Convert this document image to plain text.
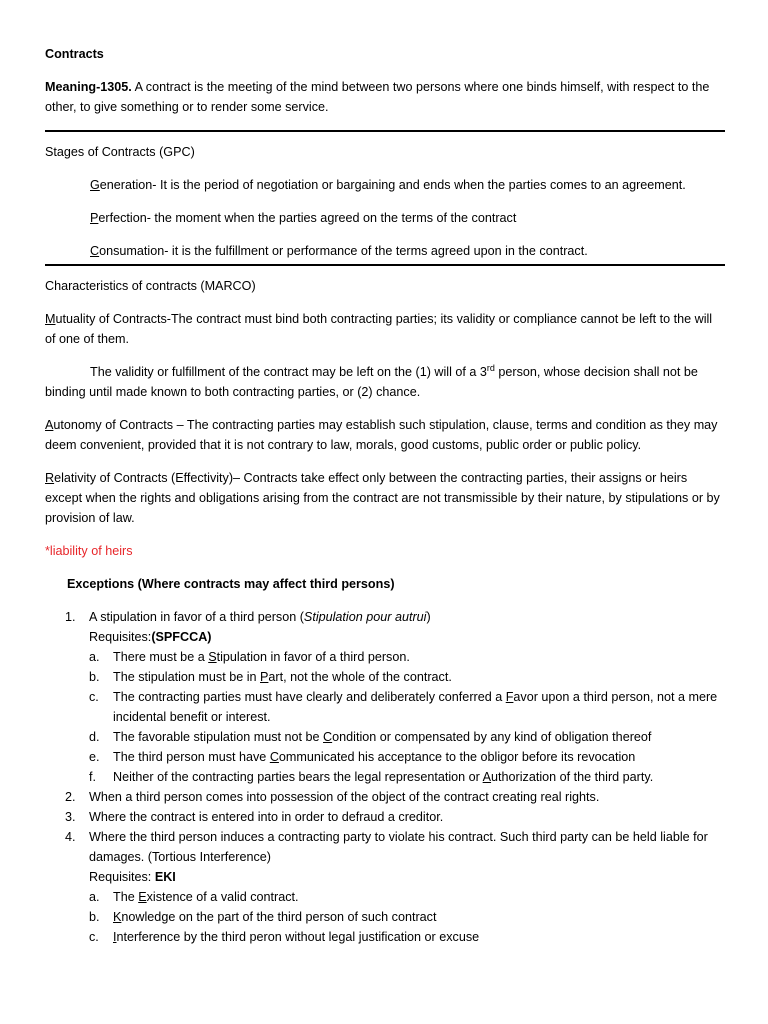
Contracts

Meaning-1305. A contract is the meeting of the mind between two persons where one binds himself, with respect to the other, to give something or to render some service.

Stages of Contracts (GPC)

Generation- It is the period of negotiation or bargaining and ends when the parties comes to an agreement.

Perfection- the moment when the parties agreed on the terms of the contract

Consumation- it is the fulfillment or performance of the terms agreed upon in the contract.

Characteristics of contracts (MARCO)

Mutuality of Contracts-The contract must bind both contracting parties; its validity or compliance cannot be left to the will of one of them.

The validity or fulfillment of the contract may be left on the (1) will of a 3rd person, whose decision shall not be binding until made known to both contracting parties, or (2) chance.

Autonomy of Contracts – The contracting parties may establish such stipulation, clause, terms and condition as they may deem convenient, provided that it is not contrary to law, morals, good customs, public order or public policy.

Relativity of Contracts (Effectivity)– Contracts take effect only between the contracting parties, their assigns or heirs except when the rights and obligations arising from the contract are not transmissible by their nature, by stipulations or by provision of law.

*liability of heirs

Exceptions (Where contracts may affect third persons)

1.	A stipulation in favor of a third person (Stipulation pour autrui)

Requisites:(SPFCCA)

a.	There must be a Stipulation in favor of a third person.
b.	The stipulation must be in Part, not the whole of the contract.
c.	The contracting parties must have clearly and deliberately conferred a Favor upon a third person, not a mere incidental benefit or interest.
d.	The favorable stipulation must not be Condition or compensated by any kind of obligation thereof
e.	The third person must have Communicated his acceptance to the obligor before its revocation
f.	Neither of the contracting parties bears the legal representation or Authorization of the third party.
2.	When a third person comes into possession of the object of the contract creating real rights.
3.	Where the contract is entered into in order to defraud a creditor.
4.	Where the third person induces a contracting party to violate his contract. Such third party can be held liable for damages. (Tortious Interference)

Requisites: EKI

a.	The Existence of a valid contract.
b.	Knowledge on the part of the third person of such contract
c.	Interference by the third peron without legal justification or excuse
